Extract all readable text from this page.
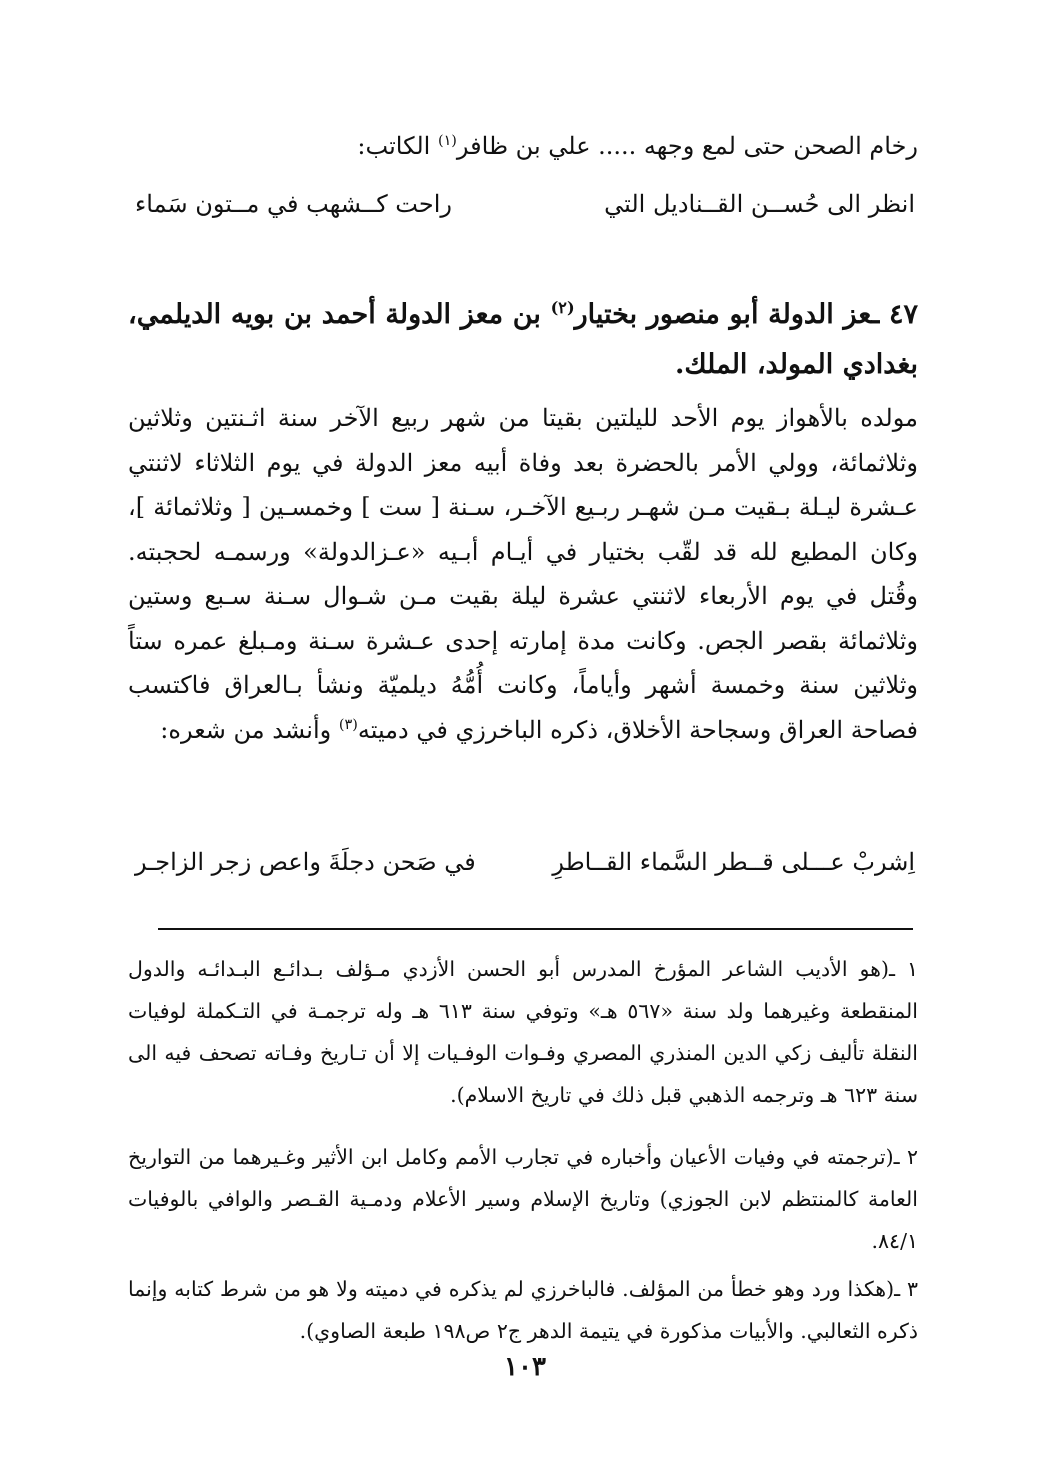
رخام الصحن حتى لمع وجهه ..... علي بن ظافر$^{(١)}$ الكاتب:
انظر الى حُســن القــناديل التي
راحت كــشهب في مــتون سَماء
٤٧ ـعز الدولة أبو منصور بختيار$^{(٢)}$ بن معز الدولة أحمد بن بويه الديلمي، بغدادي المولد، الملك.
مولده بالأهواز يوم الأحد لليلتين بقيتا من شهر ربيع الآخر سنة اثـنتين وثلاثين وثلاثمائة، وولي الأمر بالحضرة بعد وفاة أبيه معز الدولة في يوم الثلاثاء لاثنتي عـشرة ليـلة بـقيت مـن شهـر ربـيع الآخـر، سـنة [ ست ] وخمسـين [ وثلاثمائة ]، وكان المطيع لله قد لقّب بختيار في أيـام أبـيه «عـزالدولة» ورسمـه لحجبته. وقُتل في يوم الأربعاء لاثنتي عشرة ليلة بقيت مـن شـوال سـنة سـبع وستين وثلاثمائة بقصر الجص. وكانت مدة إمارته إحدى عـشرة سـنة ومـبلغ عمره ستاً وثلاثين سنة وخمسة أشهر وأياماً، وكانت أُمُّهُ ديلميّة ونشأ بـالعراق فاكتسب فصاحة العراق وسجاحة الأخلاق، ذكره الباخرزي في دميته$^{(٣)}$ وأنشد من شعره:
اِشربْ عـــلى قــطر السَّماء القــاطرِ
في صَحن دجلَةَ واعص زجر الزاجـر
١ ـ(هو الأديب الشاعر المؤرخ المدرس أبو الحسن الأزدي مـؤلف بـدائـع البـدائـه والدول المنقطعة وغيرهما ولد سنة «٥٦٧ هـ» وتوفي سنة ٦١٣ هـ وله ترجمـة في التـكملة لوفيات النقلة تأليف زكي الدين المنذري المصري وفـوات الوفـيات إلا أن تـاريخ وفـاته تصحف فيه الى سنة ٦٢٣ هـ وترجمه الذهبي قبل ذلك في تاريخ الاسلام).
٢ ـ(ترجمته في وفيات الأعيان وأخباره في تجارب الأمم وكامل ابن الأثير وغـيرهما من التواريخ العامة كالمنتظم لابن الجوزي) وتاريخ الإسلام وسير الأعلام ودمـية القـصر والوافي بالوفيات ٨٤/١.
٣ ـ(هكذا ورد وهو خطأ من المؤلف. فالباخرزي لم يذكره في دميته ولا هو من شرط كتابه وإنما ذكره الثعالبي. والأبيات مذكورة في يتيمة الدهر ج٢ ص١٩٨ طبعة الصاوي).
١٠٣
